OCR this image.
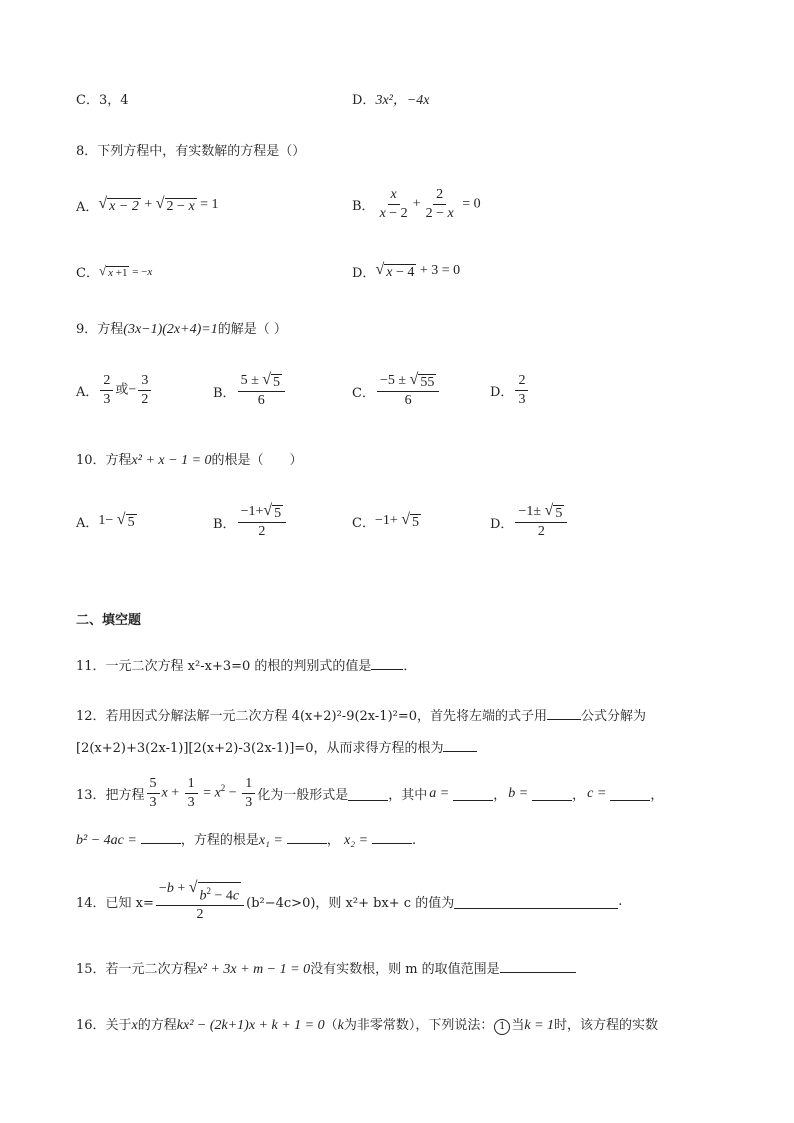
C．3，4	D．3x²，−4x
8．下列方程中，有实数解的方程是（）
A． √ x − 2 + √ 2 − x = 1	B． $\frac{x}{x - 2} + \frac{2}{2 - x} = 0$
C． √ x +1 = −x	D． √ x − 4 + 3 = 0
9．方程(3x−1)(2x+4)=1的解是（ ）
A． $\frac{2}{3}$ 或− $\frac{3}{2}$	B． $\frac{5 \pm √ 5}{6}$	C． $\frac{-5 \pm √ 55}{6}$	D． $\frac{2}{3}$
10．方程x² + x − 1 = 0的根是（　　）
A． 1− √ 5	B． $\frac{-1+ √ 5}{2}$	C． −1+ √ 5	D． $\frac{-1\pm √ 5}{2}$
二、填空题
11．一元二次方程 x²-x+3=0 的根的判别式的值是 ．
12．若用因式分解法解一元二次方程 4(x+2)²-9(2x-1)²=0，首先将左端的式子用	公式分解为
[2(x+2)+3(2x-1)][2(x+2)-3(2x-1)]=0，从而求得方程的根为
13．把方程 $\frac{5}{3}$ $x + \frac{1}{3} = x^2 - \frac{1}{3}$ 化为一般形式是	，其中 a =	， b =	， c =	，
b² − 4ac =	，方程的根是x₁ =	， x₂ =	.
14．已知 x= −b + √
$b^2 - 4c$
2 (b²−4c>0)，则 x²+ bx+ c 的值为	.
15．若一元二次方程x² + 3x + m − 1 = 0没有实数根，则 m 的取值范围是
16．关于x的方程kx² − (2k+1)x + k + 1 = 0（k为非零常数），下列说法： 1 当k = 1时，该方程的实数
